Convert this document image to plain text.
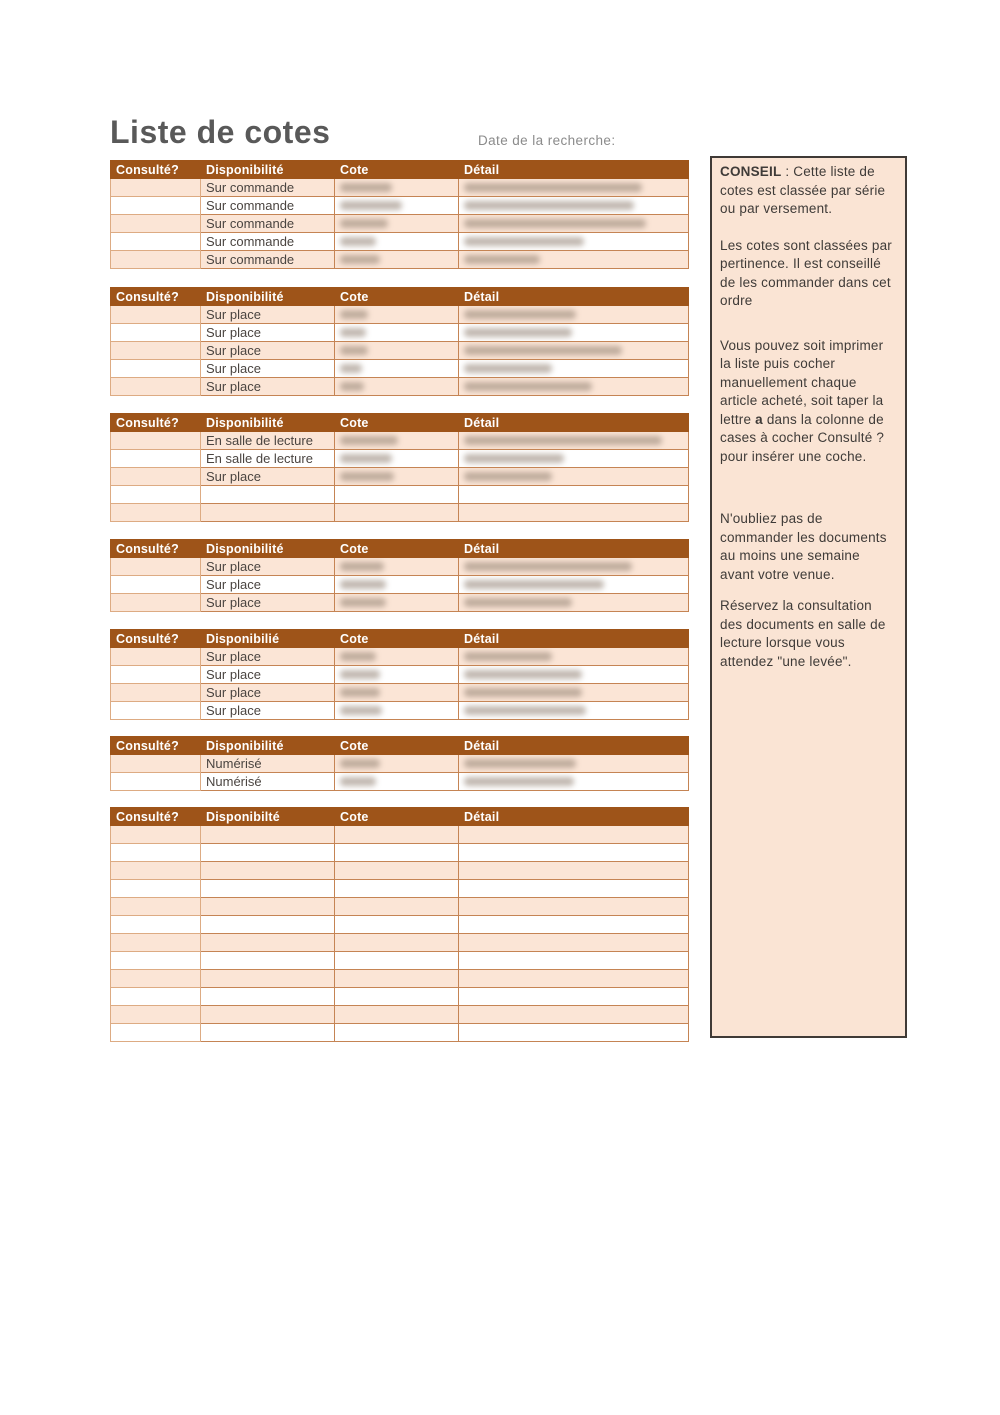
Liste de cotes	Date de la recherche:
Consulté?	Disponibilité	Cote	Détail
	Sur commande		
	Sur commande		
	Sur commande		
	Sur commande		
	Sur commande		
Consulté?	Disponibilité	Cote	Détail
	Sur place		
	Sur place		
	Sur place		
	Sur place		
	Sur place		
Consulté?	Disponibilité	Cote	Détail
	En salle de lecture		
	En salle de lecture		
	Sur place		

Consulté?	Disponibilité	Cote	Détail
	Sur place		
	Sur place		
	Sur place		
Consulté?	Disponibilié	Cote	Détail
	Sur place		
	Sur place		
	Sur place		
	Sur place		
Consulté?	Disponibilité	Cote	Détail
	Numérisé		
	Numérisé		
Consulté?	Disponibilté	Cote	Détail

CONSEIL : Cette liste de cotes est classée par série ou par versement.
Les cotes sont classées par pertinence. Il est conseillé de les commander dans cet ordre
Vous pouvez soit imprimer la liste puis cocher manuellement chaque article acheté, soit taper la lettre a dans la colonne de cases à cocher Consulté ? pour insérer une coche.
N'oubliez pas de commander les documents au moins une semaine avant votre venue.
Réservez la consultation des documents en salle de lecture lorsque vous attendez "une levée".
